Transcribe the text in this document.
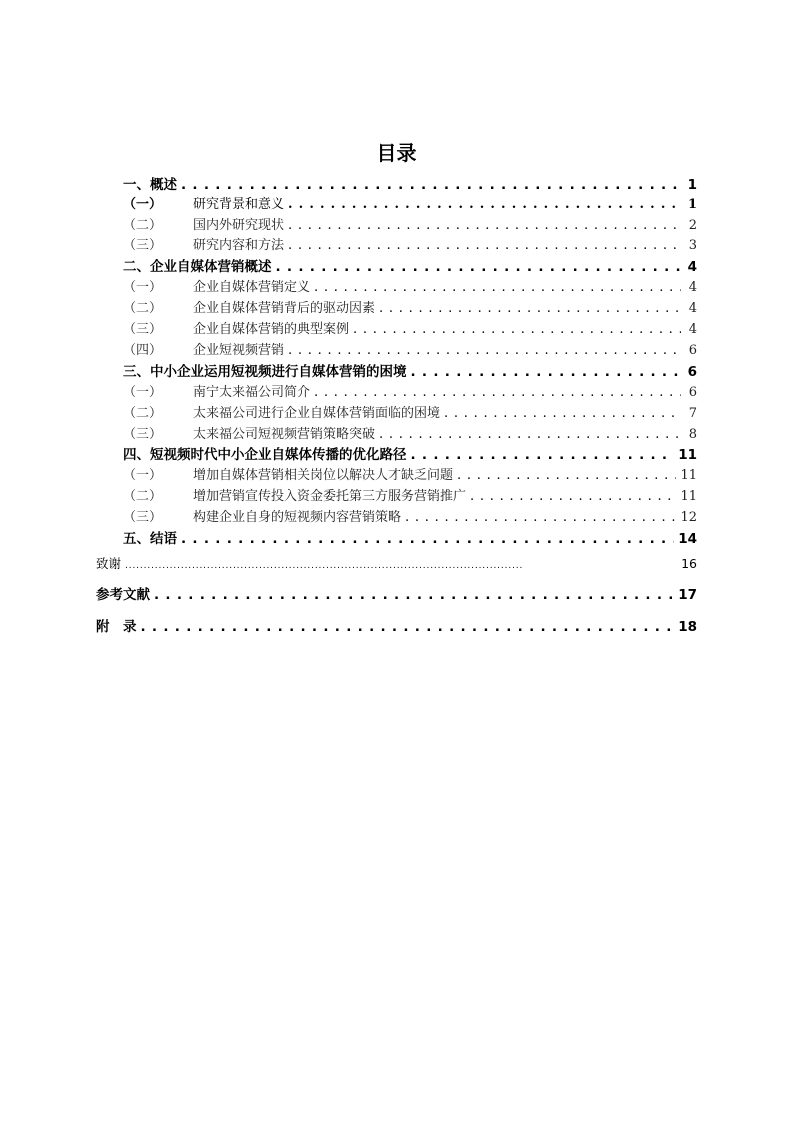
目录
一、概述 . . .	1
（一）	研究背景和意义 . . .	1
（二）	国内外研究现状 . . .	2
（三）	研究内容和方法 . . .	3
二、企业自媒体营销概述 . . .	4
（一）	企业自媒体营销定义 . . .	4
（二）	企业自媒体营销背后的驱动因素 . . .	4
（三）	企业自媒体营销的典型案例 . . .	4
（四）	企业短视频营销 . . .	6
三、中小企业运用短视频进行自媒体营销的困境 . . .	6
（一）	南宁太来福公司简介 . . .	6
（二）	太来福公司进行企业自媒体营销面临的困境 . . .	7
（三）	太来福公司短视频营销策略突破 . . .	8
四、短视频时代中小企业自媒体传播的优化路径 . . .	11
（一）	增加自媒体营销相关岗位以解决人才缺乏问题 . . .	11
（二）	增加营销宣传投入资金委托第三方服务营销推广 . . .	11
（三）	构建企业自身的短视频内容营销策略 . . .	12
五、结语 . . .	14
致谢 . . .	16
参考文献 . . .	17
附　录 . . .	18
